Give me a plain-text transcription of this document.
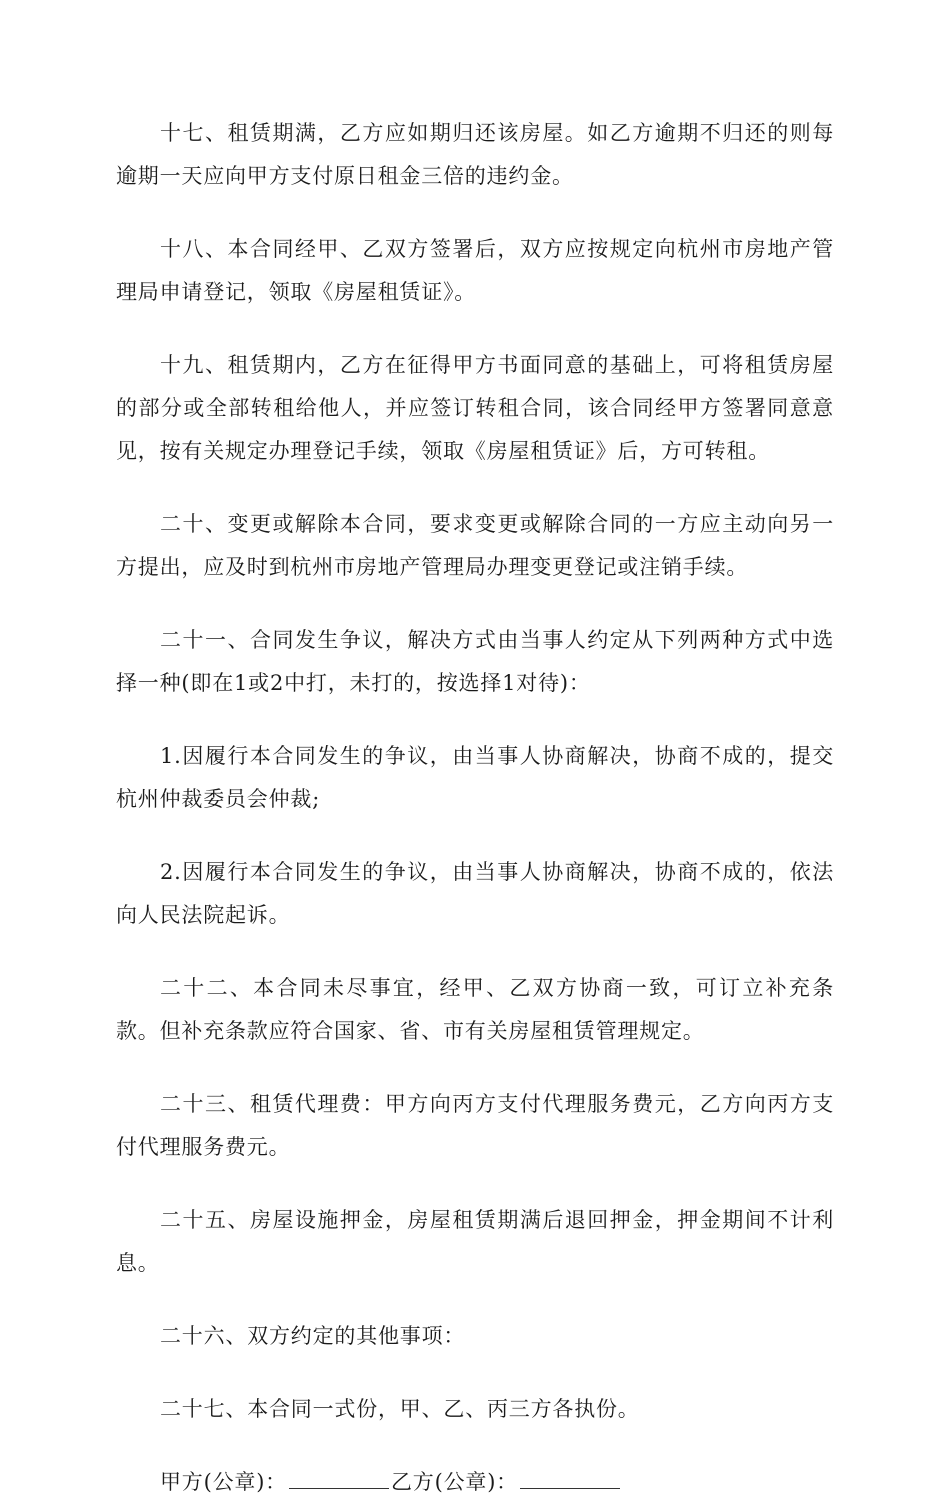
十七、租赁期满，乙方应如期归还该房屋。如乙方逾期不归还的则每逾期一天应向甲方支付原日租金三倍的违约金。

十八、本合同经甲、乙双方签署后，双方应按规定向杭州市房地产管理局申请登记，领取《房屋租赁证》。

十九、租赁期内，乙方在征得甲方书面同意的基础上，可将租赁房屋的部分或全部转租给他人，并应签订转租合同，该合同经甲方签署同意意见，按有关规定办理登记手续，领取《房屋租赁证》后，方可转租。

二十、变更或解除本合同，要求变更或解除合同的一方应主动向另一方提出，应及时到杭州市房地产管理局办理变更登记或注销手续。

二十一、合同发生争议，解决方式由当事人约定从下列两种方式中选择一种(即在1或2中打，未打的，按选择1对待)：

1.因履行本合同发生的争议，由当事人协商解决，协商不成的，提交杭州仲裁委员会仲裁;

2.因履行本合同发生的争议，由当事人协商解决，协商不成的，依法向人民法院起诉。

二十二、本合同未尽事宜，经甲、乙双方协商一致，可订立补充条款。但补充条款应符合国家、省、市有关房屋租赁管理规定。

二十三、租赁代理费：甲方向丙方支付代理服务费元，乙方向丙方支付代理服务费元。

二十五、房屋设施押金，房屋租赁期满后退回押金，押金期间不计利息。

二十六、双方约定的其他事项：

二十七、本合同一式份，甲、乙、丙三方各执份。

甲方(公章)：	乙方(公章)：
